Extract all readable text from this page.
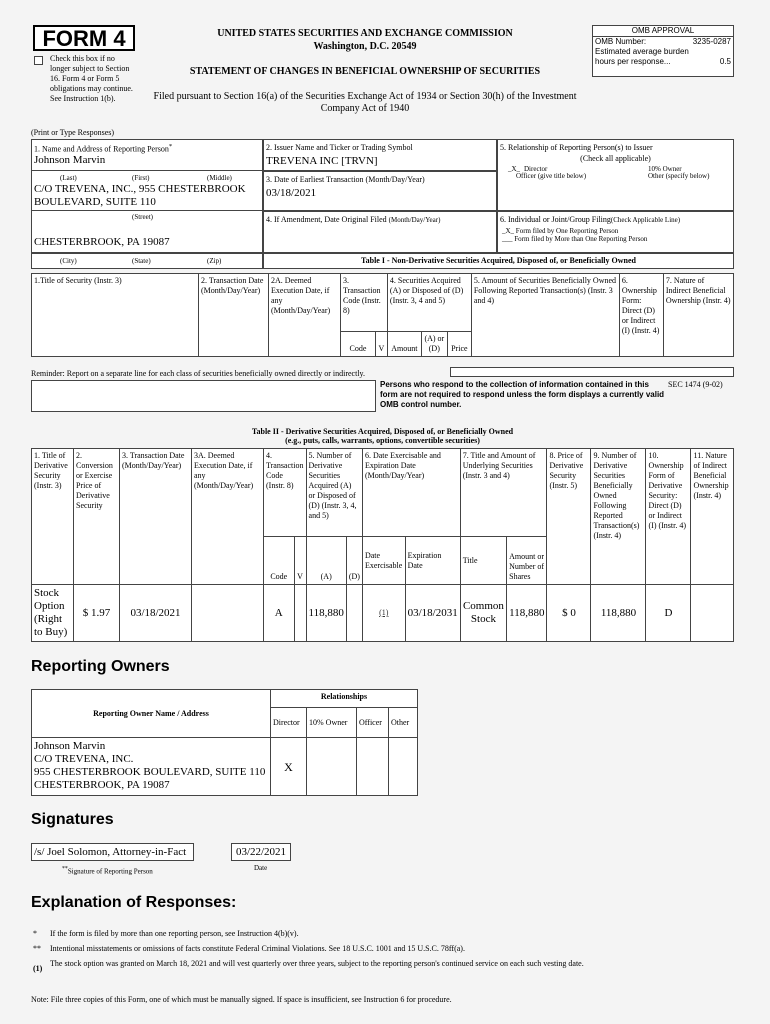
FORM 4
Check this box if no longer subject to Section 16. Form 4 or Form 5 obligations may continue. See Instruction 1(b).
UNITED STATES SECURITIES AND EXCHANGE COMMISSION
Washington, D.C. 20549
STATEMENT OF CHANGES IN BENEFICIAL OWNERSHIP OF SECURITIES
Filed pursuant to Section 16(a) of the Securities Exchange Act of 1934 or Section 30(h) of the Investment Company Act of 1940
OMB APPROVAL
OMB Number:	3235-0287
Estimated average burden
hours per response...	0.5
(Print or Type Responses)
1. Name and Address of Reporting Person*
Johnson Marvin
(Last)	(First)	(Middle)
C/O TREVENA, INC., 955 CHESTERBROOK BOULEVARD, SUITE 110
(Street)
CHESTERBROOK, PA 19087
(City)	(State)	(Zip)
2. Issuer Name and Ticker or Trading Symbol
TREVENA INC [TRVN]
3. Date of Earliest Transaction (Month/Day/Year)
03/18/2021
4. If Amendment, Date Original Filed (Month/Day/Year)
5. Relationship of Reporting Person(s) to Issuer
(Check all applicable)
_X_ Director	10% Owner
Officer (give title below)	Other (specify below)
6. Individual or Joint/Group Filing(Check Applicable Line)
_X_ Form filed by One Reporting Person
___ Form filed by More than One Reporting Person
Table I - Non-Derivative Securities Acquired, Disposed of, or Beneficially Owned
1.Title of Security (Instr. 3)	2. Transaction Date (Month/Day/Year)	2A. Deemed Execution Date, if any (Month/Day/Year)	3. Transaction Code (Instr. 8)		4. Securities Acquired (A) or Disposed of (D) (Instr. 3, 4 and 5)			5. Amount of Securities Beneficially Owned Following Reported Transaction(s) (Instr. 3 and 4)	6. Ownership Form: Direct (D) or Indirect (I) (Instr. 4)	7. Nature of Indirect Beneficial Ownership (Instr. 4)
			Code	V	Amount	(A) or (D)	Price			
Reminder: Report on a separate line for each class of securities beneficially owned directly or indirectly.
Persons who respond to the collection of information contained in this form are not required to respond unless the form displays a currently valid OMB control number.
SEC 1474 (9-02)
Table II - Derivative Securities Acquired, Disposed of, or Beneficially Owned
(e.g., puts, calls, warrants, options, convertible securities)
1. Title of Derivative Security (Instr. 3)	2. Conversion or Exercise Price of Derivative Security	3. Transaction Date (Month/Day/Year)	3A. Deemed Execution Date, if any (Month/Day/Year)	4. Transaction Code (Instr. 8)		5. Number of Derivative Securities Acquired (A) or Disposed of (D) (Instr. 3, 4, and 5)		6. Date Exercisable and Expiration Date (Month/Day/Year)		7. Title and Amount of Underlying Securities (Instr. 3 and 4)		8. Price of Derivative Security (Instr. 5)	9. Number of Derivative Securities Beneficially Owned Following Reported Transaction(s) (Instr. 4)	10. Ownership Form of Derivative Security: Direct (D) or Indirect (I) (Instr. 4)	11. Nature of Indirect Beneficial Ownership (Instr. 4)
				Code	V	(A)	(D)	Date Exercisable	Expiration Date	Title	Amount or Number of Shares				
Stock Option (Right to Buy)	$ 1.97	03/18/2021		A		118,880		(1)	03/18/2031	Common Stock	118,880	$ 0	118,880	D	
Reporting Owners
Reporting Owner Name / Address	Relationships			
	Director	10% Owner	Officer	Other

Johnson Marvin
C/O TREVENA, INC.
955 CHESTERBROOK BOULEVARD, SUITE 110
CHESTERBROOK, PA 19087	X			
Signatures
/s/ Joel Solomon, Attorney-in-Fact	03/22/2021
**Signature of Reporting Person	Date
Explanation of Responses:
* If the form is filed by more than one reporting person, see Instruction 4(b)(v).
** Intentional misstatements or omissions of facts constitute Federal Criminal Violations. See 18 U.S.C. 1001 and 15 U.S.C. 78ff(a).
(1)
The stock option was granted on March 18, 2021 and will vest quarterly over three years, subject to the reporting person's continued service on each such vesting date.
Note: File three copies of this Form, one of which must be manually signed. If space is insufficient, see Instruction 6 for procedure.
